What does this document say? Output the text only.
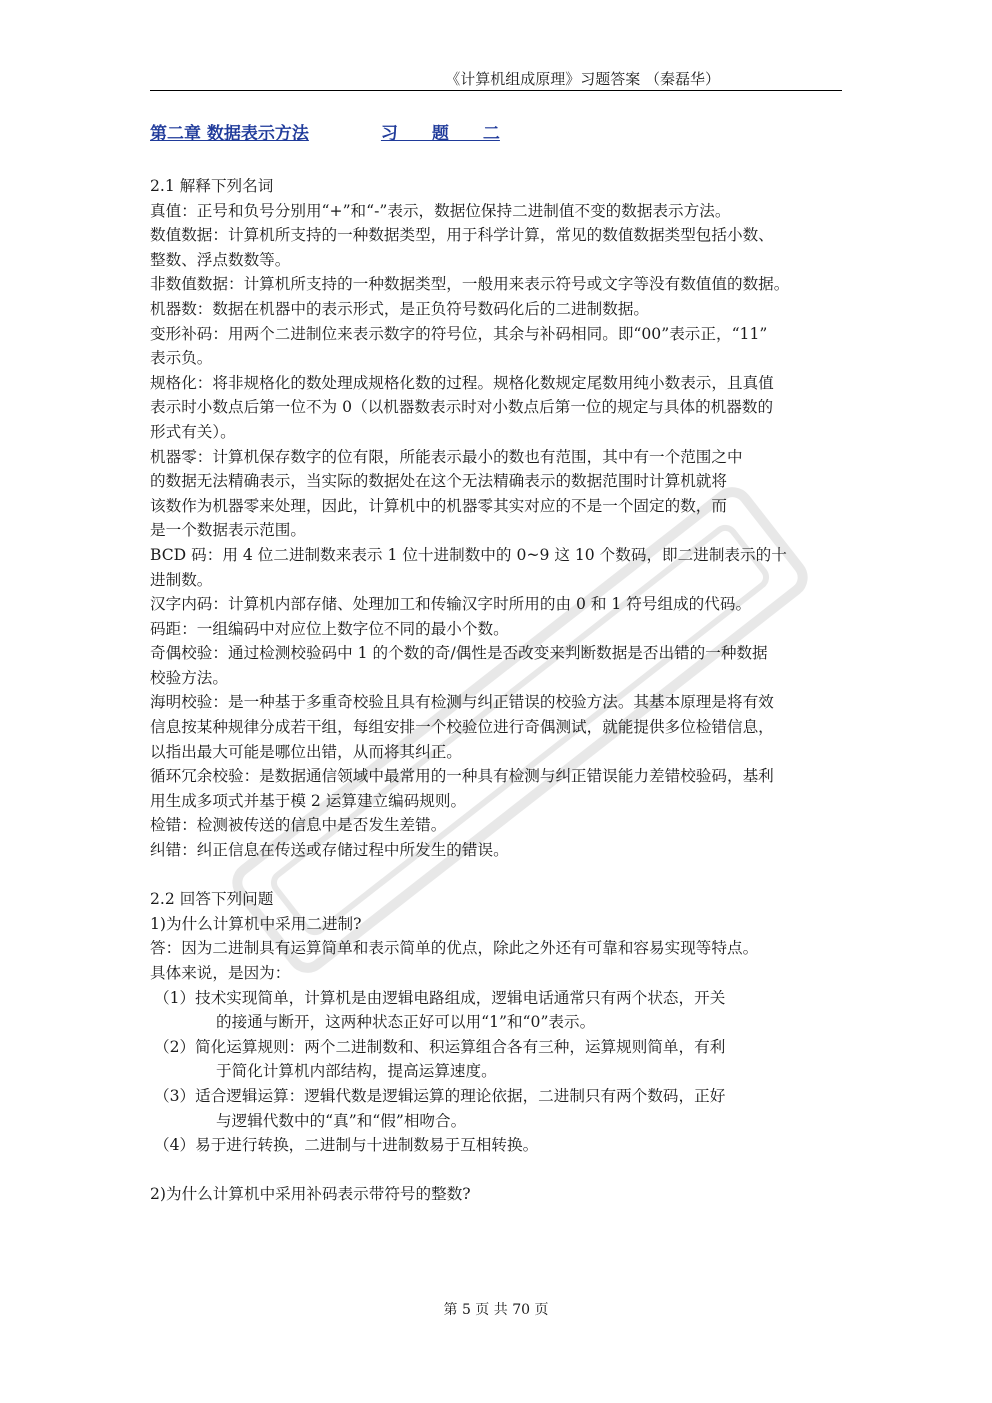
《计算机组成原理》习题答案 （秦磊华）
第二章 数据表示方法	习　　题　　二

2.1 解释下列名词

真值：正号和负号分别用“+”和“-”表示，数据位保持二进制值不变的数据表示方法。

数值数据：计算机所支持的一种数据类型，用于科学计算，常见的数值数据类型包括小数、

整数、浮点数数等。

非数值数据：计算机所支持的一种数据类型，一般用来表示符号或文字等没有数值值的数据。

机器数：数据在机器中的表示形式，是正负符号数码化后的二进制数据。

变形补码：用两个二进制位来表示数字的符号位，其余与补码相同。即“00”表示正，“11”

表示负。

规格化：将非规格化的数处理成规格化数的过程。规格化数规定尾数用纯小数表示，且真值

表示时小数点后第一位不为 0（以机器数表示时对小数点后第一位的规定与具体的机器数的

形式有关）。

机器零：计算机保存数字的位有限，所能表示最小的数也有范围，其中有一个范围之中

的数据无法精确表示，当实际的数据处在这个无法精确表示的数据范围时计算机就将

该数作为机器零来处理，因此，计算机中的机器零其实对应的不是一个固定的数，而

是一个数据表示范围。

BCD 码：用 4 位二进制数来表示 1 位十进制数中的 0~9 这 10 个数码，即二进制表示的十

进制数。

汉字内码：计算机内部存储、处理加工和传输汉字时所用的由 0 和 1 符号组成的代码。

码距：一组编码中对应位上数字位不同的最小个数。

奇偶校验：通过检测校验码中 1 的个数的奇/偶性是否改变来判断数据是否出错的一种数据

校验方法。

海明校验：是一种基于多重奇校验且具有检测与纠正错误的校验方法。其基本原理是将有效

信息按某种规律分成若干组，每组安排一个校验位进行奇偶测试，就能提供多位检错信息，

以指出最大可能是哪位出错，从而将其纠正。

循环冗余校验：是数据通信领域中最常用的一种具有检测与纠正错误能力差错校验码，基利

用生成多项式并基于模 2 运算建立编码规则。

检错：检测被传送的信息中是否发生差错。

纠错：纠正信息在传送或存储过程中所发生的错误。

2.2 回答下列问题

1)为什么计算机中采用二进制?

答：因为二进制具有运算简单和表示简单的优点，除此之外还有可靠和容易实现等特点。

具体来说，是因为：

（1）技术实现简单，计算机是由逻辑电路组成，逻辑电话通常只有两个状态，开关

的接通与断开，这两种状态正好可以用“1”和“0”表示。

（2）简化运算规则：两个二进制数和、积运算组合各有三种，运算规则简单，有利

于简化计算机内部结构，提高运算速度。

（3）适合逻辑运算：逻辑代数是逻辑运算的理论依据，二进制只有两个数码，正好

与逻辑代数中的“真”和“假”相吻合。

（4）易于进行转换，二进制与十进制数易于互相转换。

2)为什么计算机中采用补码表示带符号的整数?

第 5 页 共 70 页
